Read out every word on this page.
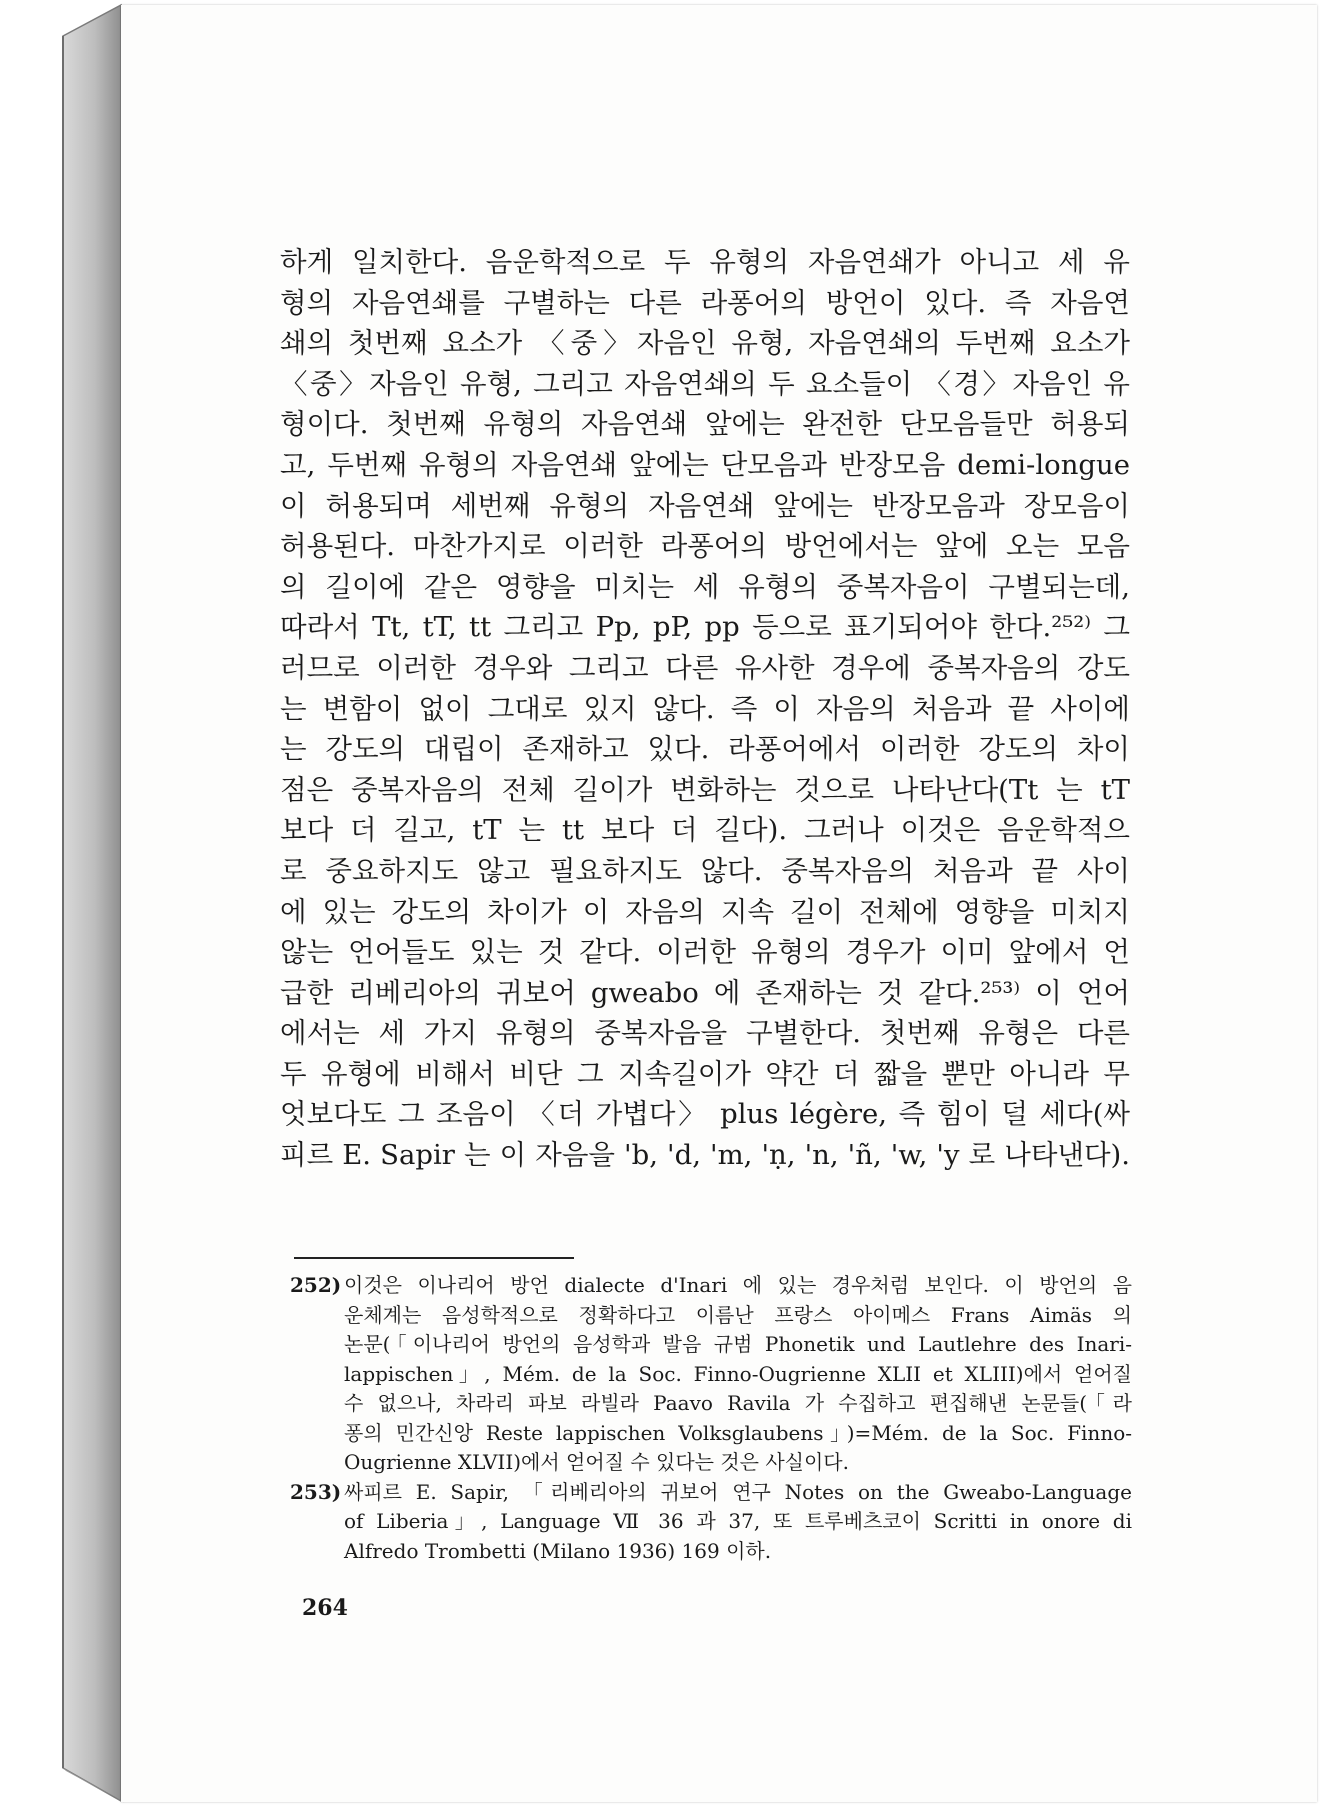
하게 일치한다. 음운학적으로 두 유형의 자음연쇄가 아니고 세 유
형의 자음연쇄를 구별하는 다른 라퐁어의 방언이 있다. 즉 자음연
쇄의 첫번째 요소가 〈중〉자음인 유형, 자음연쇄의 두번째 요소가
〈중〉자음인 유형, 그리고 자음연쇄의 두 요소들이 〈경〉자음인 유
형이다. 첫번째 유형의 자음연쇄 앞에는 완전한 단모음들만 허용되
고, 두번째 유형의 자음연쇄 앞에는 단모음과 반장모음 demi-longue
이 허용되며 세번째 유형의 자음연쇄 앞에는 반장모음과 장모음이
허용된다. 마찬가지로 이러한 라퐁어의 방언에서는 앞에 오는 모음
의 길이에 같은 영향을 미치는 세 유형의 중복자음이 구별되는데,
따라서 Tt, tT, tt 그리고 Pp, pP, pp 등으로 표기되어야 한다.²⁵²⁾ 그
러므로 이러한 경우와 그리고 다른 유사한 경우에 중복자음의 강도
는 변함이 없이 그대로 있지 않다. 즉 이 자음의 처음과 끝 사이에
는 강도의 대립이 존재하고 있다. 라퐁어에서 이러한 강도의 차이
점은 중복자음의 전체 길이가 변화하는 것으로 나타난다(Tt 는 tT
보다 더 길고, tT 는 tt 보다 더 길다). 그러나 이것은 음운학적으
로 중요하지도 않고 필요하지도 않다. 중복자음의 처음과 끝 사이
에 있는 강도의 차이가 이 자음의 지속 길이 전체에 영향을 미치지
않는 언어들도 있는 것 같다. 이러한 유형의 경우가 이미 앞에서 언
급한 리베리아의 귀보어 gweabo 에 존재하는 것 같다.²⁵³⁾ 이 언어
에서는 세 가지 유형의 중복자음을 구별한다. 첫번째 유형은 다른
두 유형에 비해서 비단 그 지속길이가 약간 더 짧을 뿐만 아니라 무
엇보다도 그 조음이 〈더 가볍다〉 plus légère, 즉 힘이 덜 세다(싸
피르 E. Sapir 는 이 자음을 'b, 'd, 'm, 'ṇ, 'n, 'ñ, 'w, 'y 로 나타낸다).
252) 이것은 이나리어 방언 dialecte d'Inari 에 있는 경우처럼 보인다. 이 방언의 음
운체계는 음성학적으로 정확하다고 이름난 프랑스 아이메스 Frans Aimäs 의
논문(「이나리어 방언의 음성학과 발음 규범 Phonetik und Lautlehre des Inari-
lappischen」, Mém. de la Soc. Finno-Ougrienne XLII et XLIII)에서 얻어질
수 없으나, 차라리 파보 라빌라 Paavo Ravila 가 수집하고 편집해낸 논문들(「라
퐁의 민간신앙 Reste lappischen Volksglaubens」)=Mém. de la Soc. Finno-
Ougrienne XLVII)에서 얻어질 수 있다는 것은 사실이다.
253) 싸피르 E. Sapir, 「리베리아의 귀보어 연구 Notes on the Gweabo-Language
of Liberia」, Language Ⅶ 36 과 37, 또 트루베츠코이 Scritti in onore di
Alfredo Trombetti (Milano 1936) 169 이하.
264
